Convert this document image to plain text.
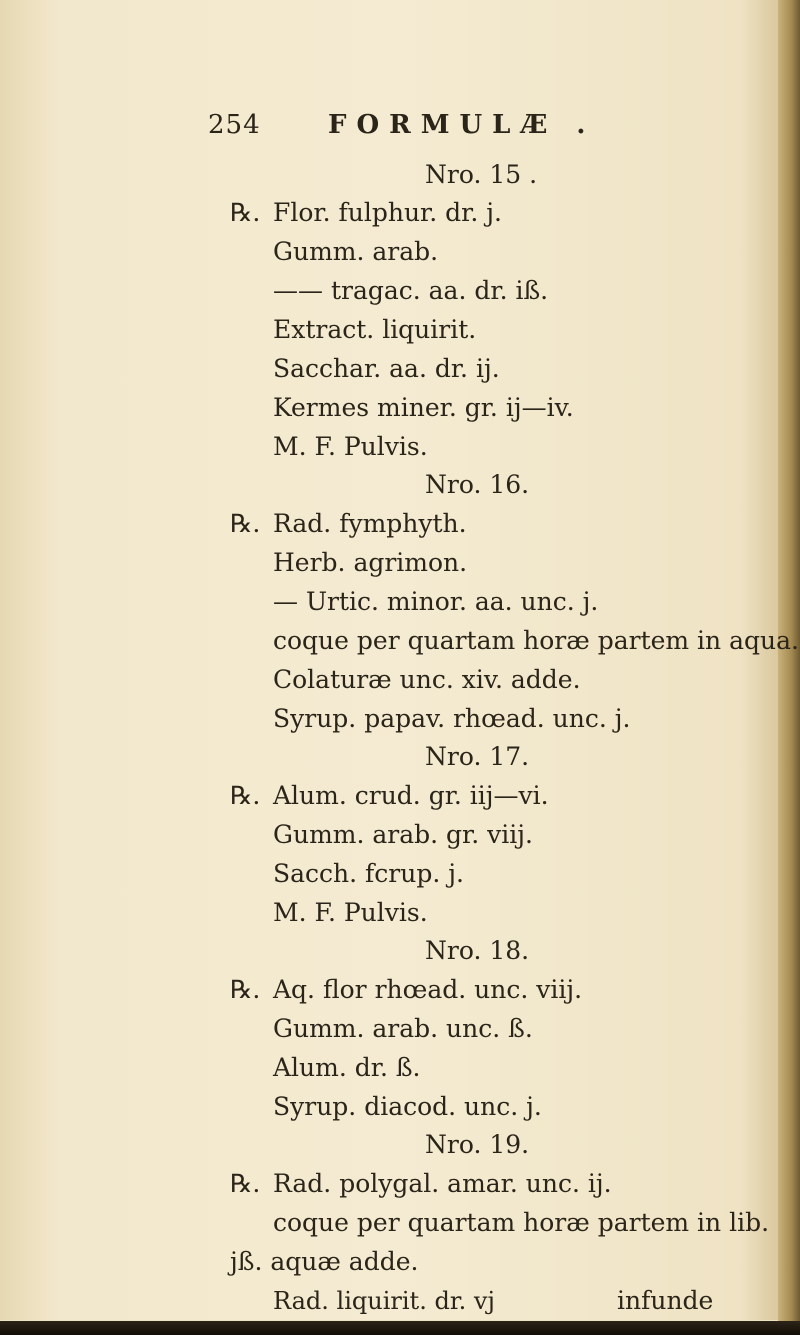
254	FORMULÆ .
Nro. 15 .
℞. Flor. fulphur. dr. j.
Gumm. arab.
—— tragac. aa. dr. iß.
Extract. liquirit.
Sacchar. aa. dr. ij.
Kermes miner. gr. ij—iv.
M. F. Pulvis.
Nro. 16.
℞. Rad. fymphyth.
Herb. agrimon.
— Urtic. minor. aa. unc. j.
coque per quartam horæ partem in aqua.
Colaturæ unc. xiv. adde.
Syrup. papav. rhœad. unc. j.
Nro. 17.
℞. Alum. crud. gr. iij—vi.
Gumm. arab. gr. viij.
Sacch. fcrup. j.
M. F. Pulvis.
Nro. 18.
℞. Aq. flor rhœad. unc. viij.
Gumm. arab. unc. ß.
Alum. dr. ß.
Syrup. diacod. unc. j.
Nro. 19.
℞. Rad. polygal. amar. unc. ij.
coque per quartam horæ partem in lib.
jß. aquæ adde.
Rad. liquirit. dr. vj	infunde
